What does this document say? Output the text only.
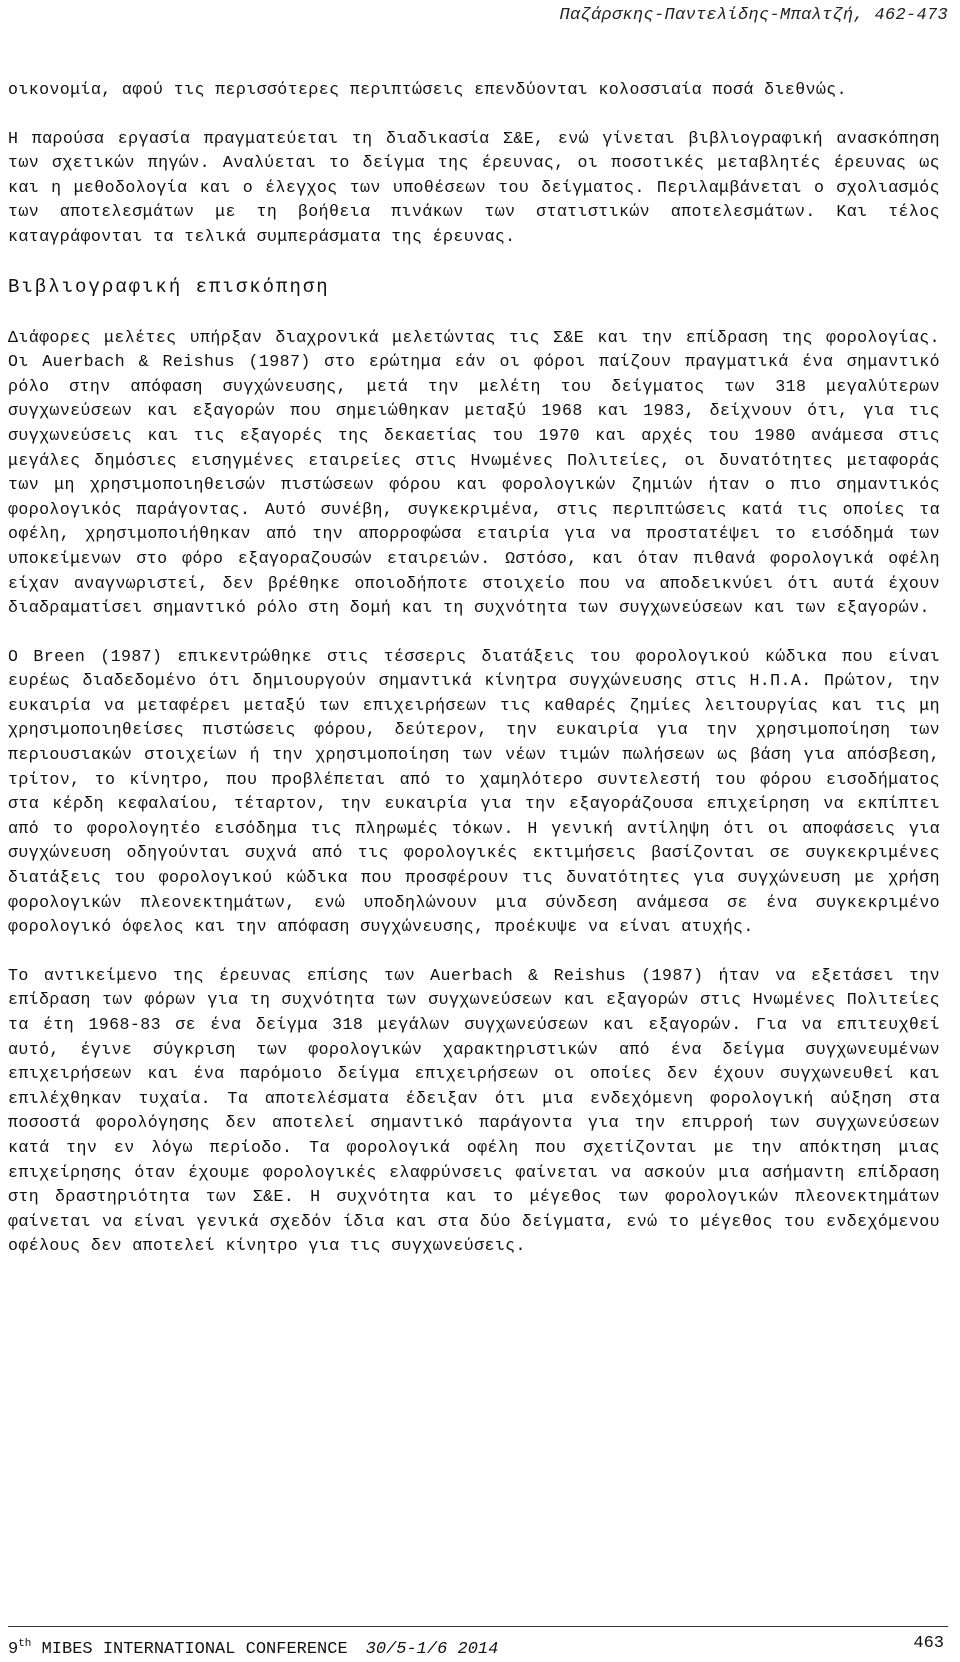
Παζάρσκης-Παντελίδης-Μπαλτζή, 462-473

οικονομία, αφού τις περισσότερες περιπτώσεις επενδύονται κολοσσιαία ποσά διεθνώς.

Η παρούσα εργασία πραγματεύεται τη διαδικασία Σ&Ε, ενώ γίνεται βιβλιογραφική ανασκόπηση των σχετικών πηγών. Αναλύεται το δείγμα της έρευνας, οι ποσοτικές μεταβλητές έρευνας ως και η μεθοδολογία και ο έλεγχος των υποθέσεων του δείγματος. Περιλαμβάνεται ο σχολιασμός των αποτελεσμάτων με τη βοήθεια πινάκων των στατιστικών αποτελεσμάτων. Και τέλος καταγράφονται τα τελικά συμπεράσματα της έρευνας.

Βιβλιογραφική επισκόπηση

Διάφορες μελέτες υπήρξαν διαχρονικά μελετώντας τις Σ&Ε και την επίδραση της φορολογίας. Οι Auerbach & Reishus (1987) στο ερώτημα εάν οι φόροι παίζουν πραγματικά ένα σημαντικό ρόλο στην απόφαση συγχώνευσης, μετά την μελέτη του δείγματος των 318 μεγαλύτερων συγχωνεύσεων και εξαγορών που σημειώθηκαν μεταξύ 1968 και 1983, δείχνουν ότι, για τις συγχωνεύσεις και τις εξαγορές της δεκαετίας του 1970 και αρχές του 1980 ανάμεσα στις μεγάλες δημόσιες εισηγμένες εταιρείες στις Ηνωμένες Πολιτείες, οι δυνατότητες μεταφοράς των μη χρησιμοποιηθεισών πιστώσεων φόρου και φορολογικών ζημιών ήταν ο πιο σημαντικός φορολογικός παράγοντας. Αυτό συνέβη, συγκεκριμένα, στις περιπτώσεις κατά τις οποίες τα οφέλη, χρησιμοποιήθηκαν από την απορροφώσα εταιρία για να προστατέψει το εισόδημά των υποκείμενων στο φόρο εξαγοραζουσών εταιρειών. Ωστόσο, και όταν πιθανά φορολογικά οφέλη είχαν αναγνωριστεί, δεν βρέθηκε οποιοδήποτε στοιχείο που να αποδεικνύει ότι αυτά έχουν διαδραματίσει σημαντικό ρόλο στη δομή και τη συχνότητα των συγχωνεύσεων και των εξαγορών.

Ο Breen (1987) επικεντρώθηκε στις τέσσερις διατάξεις του φορολογικού κώδικα που είναι ευρέως διαδεδομένο ότι δημιουργούν σημαντικά κίνητρα συγχώνευσης στις Η.Π.Α. Πρώτον, την ευκαιρία να μεταφέρει μεταξύ των επιχειρήσεων τις καθαρές ζημίες λειτουργίας και τις μη χρησιμοποιηθείσες πιστώσεις φόρου, δεύτερον, την ευκαιρία για την χρησιμοποίηση των περιουσιακών στοιχείων ή την χρησιμοποίηση των νέων τιμών πωλήσεων ως βάση για απόσβεση, τρίτον, το κίνητρο, που προβλέπεται από το χαμηλότερο συντελεστή του φόρου εισοδήματος στα κέρδη κεφαλαίου, τέταρτον, την ευκαιρία για την εξαγοράζουσα επιχείρηση να εκπίπτει από το φορολογητέο εισόδημα τις πληρωμές τόκων. Η γενική αντίληψη ότι οι αποφάσεις για συγχώνευση οδηγούνται συχνά από τις φορολογικές εκτιμήσεις βασίζονται σε συγκεκριμένες διατάξεις του φορολογικού κώδικα που προσφέρουν τις δυνατότητες για συγχώνευση με χρήση φορολογικών πλεονεκτημάτων, ενώ υποδηλώνουν μια σύνδεση ανάμεσα σε ένα συγκεκριμένο φορολογικό όφελος και την απόφαση συγχώνευσης, προέκυψε να είναι ατυχής.

Το αντικείμενο της έρευνας επίσης των Auerbach & Reishus (1987) ήταν να εξετάσει την επίδραση των φόρων για τη συχνότητα των συγχωνεύσεων και εξαγορών στις Ηνωμένες Πολιτείες τα έτη 1968-83 σε ένα δείγμα 318 μεγάλων συγχωνεύσεων και εξαγορών. Για να επιτευχθεί αυτό, έγινε σύγκριση των φορολογικών χαρακτηριστικών από ένα δείγμα συγχωνευμένων επιχειρήσεων και ένα παρόμοιο δείγμα επιχειρήσεων οι οποίες δεν έχουν συγχωνευθεί και επιλέχθηκαν τυχαία. Τα αποτελέσματα έδειξαν ότι μια ενδεχόμενη φορολογική αύξηση στα ποσοστά φορολόγησης δεν αποτελεί σημαντικό παράγοντα για την επιρροή των συγχωνεύσεων κατά την εν λόγω περίοδο. Τα φορολογικά οφέλη που σχετίζονται με την απόκτηση μιας επιχείρησης όταν έχουμε φορολογικές ελαφρύνσεις φαίνεται να ασκούν μια ασήμαντη επίδραση στη δραστηριότητα των Σ&Ε. Η συχνότητα και το μέγεθος των φορολογικών πλεονεκτημάτων φαίνεται να είναι γενικά σχεδόν ίδια και στα δύο δείγματα, ενώ το μέγεθος του ενδεχόμενου οφέλους δεν αποτελεί κίνητρο για τις συγχωνεύσεις.

9th MIBES INTERNATIONAL CONFERENCE 30/5-1/6 2014	463
